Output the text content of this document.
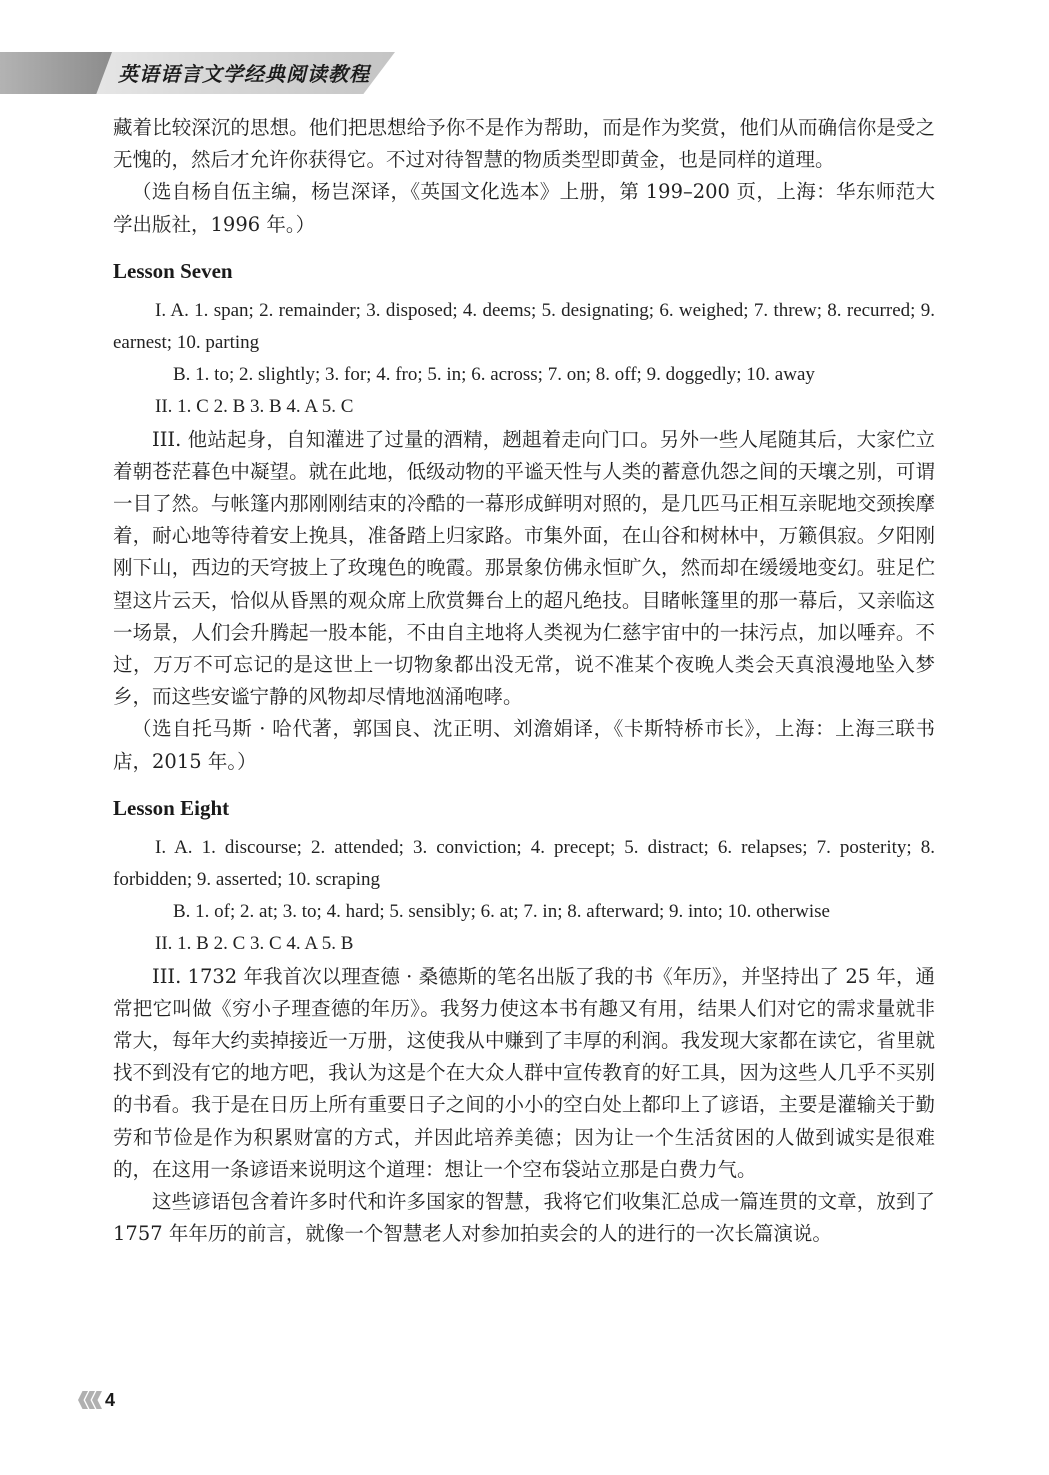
英语语言文学经典阅读教程

藏着比较深沉的思想。他们把思想给予你不是作为帮助，而是作为奖赏，他们从而确信你是受之无愧的，然后才允许你获得它。不过对待智慧的物质类型即黄金，也是同样的道理。

（选自杨自伍主编，杨岂深译，《英国文化选本》上册，第 199–200 页，上海：华东师范大学出版社，1996 年。）

Lesson Seven

I. A. 1. span; 2. remainder; 3. disposed; 4. deems; 5. designating; 6. weighed; 7. threw; 8. recurred; 9. earnest; 10. parting

B. 1. to; 2. slightly; 3. for; 4. fro; 5. in; 6. across; 7. on; 8. off; 9. doggedly; 10. away

II. 1. C 2. B 3. B 4. A 5. C

III. 他站起身，自知灌进了过量的酒精，趔趄着走向门口。另外一些人尾随其后，大家伫立着朝苍茫暮色中凝望。就在此地，低级动物的平谧天性与人类的蓄意仇怨之间的天壤之别，可谓一目了然。与帐篷内那刚刚结束的冷酷的一幕形成鲜明对照的，是几匹马正相互亲昵地交颈挨摩着，耐心地等待着安上挽具，准备踏上归家路。市集外面，在山谷和树林中，万籁俱寂。夕阳刚刚下山，西边的天穹披上了玫瑰色的晚霞。那景象仿佛永恒旷久，然而却在缓缓地变幻。驻足伫望这片云天，恰似从昏黑的观众席上欣赏舞台上的超凡绝技。目睹帐篷里的那一幕后，又亲临这一场景，人们会升腾起一股本能，不由自主地将人类视为仁慈宇宙中的一抹污点，加以唾弃。不过，万万不可忘记的是这世上一切物象都出没无常，说不准某个夜晚人类会天真浪漫地坠入梦乡，而这些安谧宁静的风物却尽情地汹涌咆哮。

（选自托马斯 · 哈代著，郭国良、沈正明、刘澹娟译，《卡斯特桥市长》，上海：上海三联书店，2015 年。）

Lesson Eight

I. A. 1. discourse; 2. attended; 3. conviction; 4. precept; 5. distract; 6. relapses; 7. posterity; 8. forbidden; 9. asserted; 10. scraping

B. 1. of; 2. at; 3. to; 4. hard; 5. sensibly; 6. at; 7. in; 8. afterward; 9. into; 10. otherwise

II. 1. B 2. C 3. C 4. A 5. B

III. 1732 年我首次以理查德 · 桑德斯的笔名出版了我的书《年历》，并坚持出了 25 年，通常把它叫做《穷小子理查德的年历》。我努力使这本书有趣又有用，结果人们对它的需求量就非常大，每年大约卖掉接近一万册，这使我从中赚到了丰厚的利润。我发现大家都在读它，省里就找不到没有它的地方吧，我认为这是个在大众人群中宣传教育的好工具，因为这些人几乎不买别的书看。我于是在日历上所有重要日子之间的小小的空白处上都印上了谚语，主要是灌输关于勤劳和节俭是作为积累财富的方式，并因此培养美德；因为让一个生活贫困的人做到诚实是很难的，在这用一条谚语来说明这个道理：想让一个空布袋站立那是白费力气。

这些谚语包含着许多时代和许多国家的智慧，我将它们收集汇总成一篇连贯的文章，放到了 1757 年年历的前言，就像一个智慧老人对参加拍卖会的人的进行的一次长篇演说。

4
